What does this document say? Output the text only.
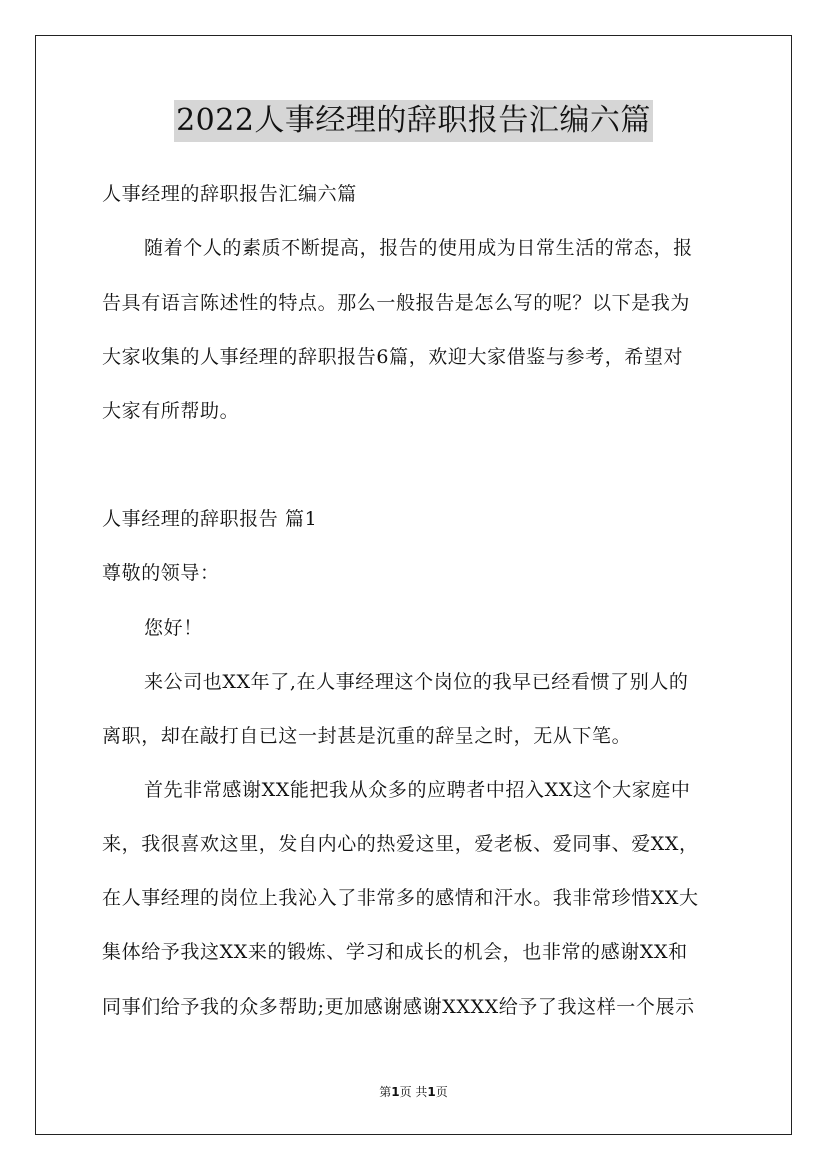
2022人事经理的辞职报告汇编六篇
人事经理的辞职报告汇编六篇
随着个人的素质不断提高，报告的使用成为日常生活的常态，报
告具有语言陈述性的特点。那么一般报告是怎么写的呢？以下是我为
大家收集的人事经理的辞职报告6篇，欢迎大家借鉴与参考，希望对
大家有所帮助。
人事经理的辞职报告 篇1
尊敬的领导：
您好！
来公司也XX年了,在人事经理这个岗位的我早已经看惯了别人的
离职，却在敲打自已这一封甚是沉重的辞呈之时，无从下笔。
首先非常感谢XX能把我从众多的应聘者中招入XX这个大家庭中
来，我很喜欢这里，发自内心的热爱这里，爱老板、爱同事、爱XX，
在人事经理的岗位上我沁入了非常多的感情和汗水。我非常珍惜XX大
集体给予我这XX来的锻炼、学习和成长的机会，也非常的感谢XX和
同事们给予我的众多帮助;更加感谢感谢XXXX给予了我这样一个展示
第1页 共1页
